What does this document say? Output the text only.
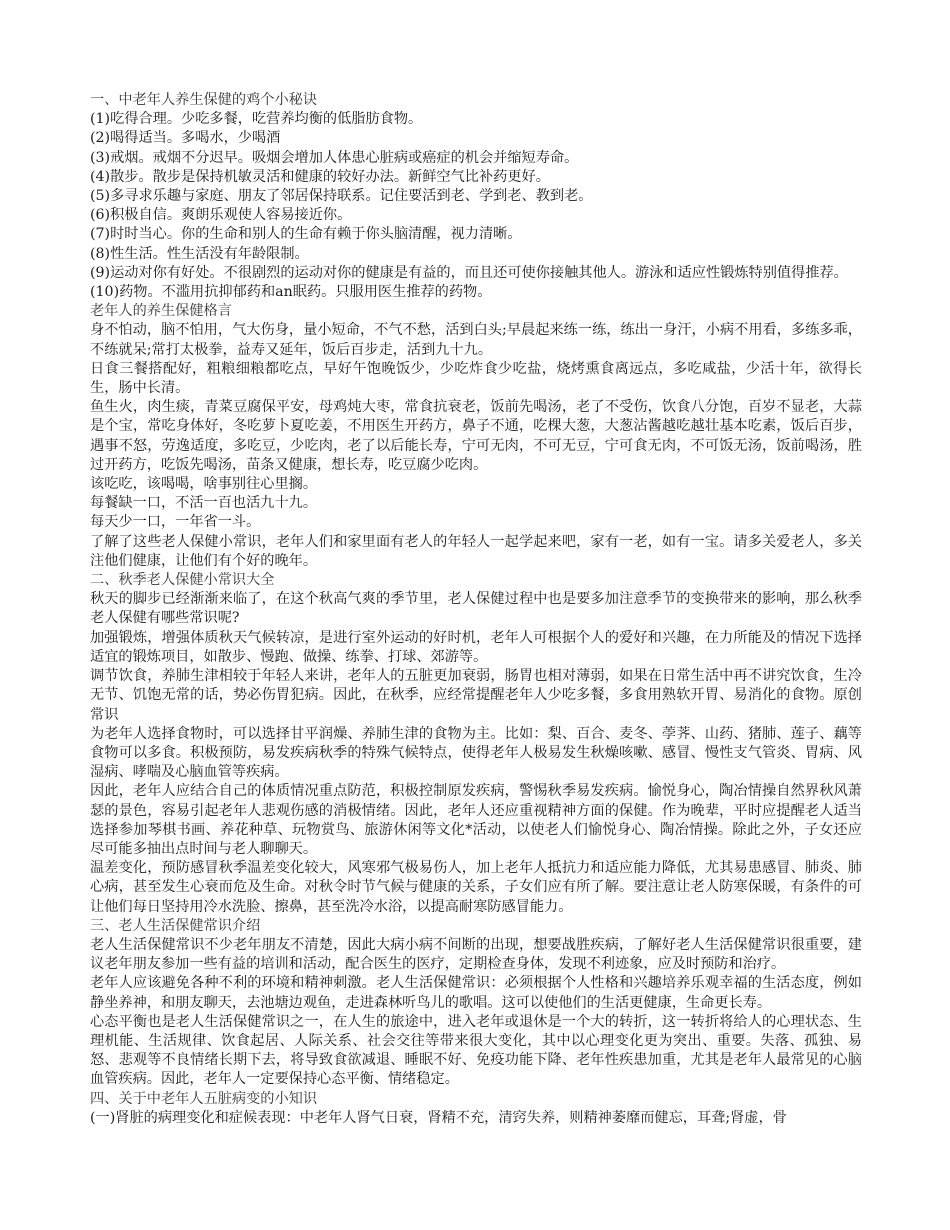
一、中老年人养生保健的鸡个小秘诀

(1)吃得合理。少吃多餐，吃营养均衡的低脂肪食物。

(2)喝得适当。多喝水，少喝酒

(3)戒烟。戒烟不分迟早。吸烟会增加人体患心脏病或癌症的机会并缩短寿命。

(4)散步。散步是保持机敏灵活和健康的较好办法。新鲜空气比补药更好。

(5)多寻求乐趣与家庭、朋友了邻居保持联系。记住要活到老、学到老、教到老。

(6)积极自信。爽朗乐观使人容易接近你。

(7)时时当心。你的生命和别人的生命有赖于你头脑清醒，视力清晰。

(8)性生活。性生活没有年龄限制。

(9)运动对你有好处。不很剧烈的运动对你的健康是有益的，而且还可使你接触其他人。游泳和适应性锻炼特别值得推荐。

(10)药物。不滥用抗抑郁药和an眠药。只服用医生推荐的药物。

老年人的养生保健格言

身不怕动，脑不怕用，气大伤身，量小短命，不气不愁，活到白头;早晨起来练一练，练出一身汗，小病不用看，多练多乖，不练就呆;常打太极拳，益寿又延年，饭后百步走，活到九十九。

日食三餐搭配好，粗粮细粮都吃点，早好午饱晚饭少，少吃炸食少吃盐，烧烤熏食离远点，多吃咸盐，少活十年，欲得长生，肠中长清。

鱼生火，肉生痰，青菜豆腐保平安，母鸡炖大枣，常食抗衰老，饭前先喝汤，老了不受伤，饮食八分饱，百岁不显老，大蒜是个宝，常吃身体好，冬吃萝卜夏吃姜，不用医生开药方，鼻子不通，吃棵大葱，大葱沾酱越吃越壮基本吃素，饭后百步，遇事不怒，劳逸适度，多吃豆，少吃肉，老了以后能长寿，宁可无肉，不可无豆，宁可食无肉，不可饭无汤，饭前喝汤，胜过开药方，吃饭先喝汤，苗条又健康，想长寿，吃豆腐少吃肉。

该吃吃，该喝喝，啥事别往心里搁。

每餐缺一口，不活一百也活九十九。

每天少一口，一年省一斗。

了解了这些老人保健小常识，老年人们和家里面有老人的年轻人一起学起来吧，家有一老，如有一宝。请多关爱老人，多关注他们健康，让他们有个好的晚年。

二、秋季老人保健小常识大全

秋天的脚步已经渐渐来临了，在这个秋高气爽的季节里，老人保健过程中也是要多加注意季节的变换带来的影响，那么秋季老人保健有哪些常识呢?

加强锻炼，增强体质秋天气候转凉，是进行室外运动的好时机，老年人可根据个人的爱好和兴趣，在力所能及的情况下选择适宜的锻炼项目，如散步、慢跑、做操、练拳、打球、郊游等。

调节饮食，养肺生津相较于年轻人来讲，老年人的五脏更加衰弱，肠胃也相对薄弱，如果在日常生活中再不讲究饮食，生冷无节、饥饱无常的话，势必伤胃犯病。因此，在秋季，应经常提醒老年人少吃多餐，多食用熟软开胃、易消化的食物。原创常识

为老年人选择食物时，可以选择甘平润燥、养肺生津的食物为主。比如：梨、百合、麦冬、荸荠、山药、猪肺、莲子、藕等食物可以多食。积极预防，易发疾病秋季的特殊气候特点，使得老年人极易发生秋燥咳嗽、感冒、慢性支气管炎、胃病、风湿病、哮喘及心脑血管等疾病。

因此，老年人应结合自己的体质情况重点防范，积极控制原发疾病，警惕秋季易发疾病。愉悦身心，陶冶情操自然界秋风萧瑟的景色，容易引起老年人悲观伤感的消极情绪。因此，老年人还应重视精神方面的保健。作为晚辈，平时应提醒老人适当选择参加琴棋书画、养花种草、玩物赏鸟、旅游休闲等文化*活动，以使老人们愉悦身心、陶冶情操。除此之外，子女还应尽可能多抽出点时间与老人聊聊天。

温差变化，预防感冒秋季温差变化较大，风寒邪气极易伤人，加上老年人抵抗力和适应能力降低，尤其易患感冒、肺炎、肺心病，甚至发生心衰而危及生命。对秋令时节气候与健康的关系，子女们应有所了解。要注意让老人防寒保暖，有条件的可让他们每日坚持用冷水洗脸、擦鼻，甚至洗冷水浴，以提高耐寒防感冒能力。

三、老人生活保健常识介绍

老人生活保健常识不少老年朋友不清楚，因此大病小病不间断的出现，想要战胜疾病，了解好老人生活保健常识很重要，建议老年朋友参加一些有益的培训和活动，配合医生的医疗，定期检查身体，发现不利迹象，应及时预防和治疗。

老年人应该避免各种不利的环境和精神刺激。老人生活保健常识：必须根据个人性格和兴趣培养乐观幸福的生活态度，例如静坐养神，和朋友聊天，去池塘边观鱼，走进森林听鸟儿的歌唱。这可以使他们的生活更健康，生命更长寿。

心态平衡也是老人生活保健常识之一，在人生的旅途中，进入老年或退休是一个大的转折，这一转折将给人的心理状态、生理机能、生活规律、饮食起居、人际关系、社会交往等带来很大变化，其中以心理变化更为突出、重要。失落、孤独、易怒、悲观等不良情绪长期下去，将导致食欲减退、睡眠不好、免疫功能下降、老年性疾患加重，尤其是老年人最常见的心脑血管疾病。因此，老年人一定要保持心态平衡、情绪稳定。

四、关于中老年人五脏病变的小知识

(一)肾脏的病理变化和症候表现：中老年人肾气日衰，肾精不充，清窍失养，则精神萎靡而健忘，耳聋;肾虚，骨
